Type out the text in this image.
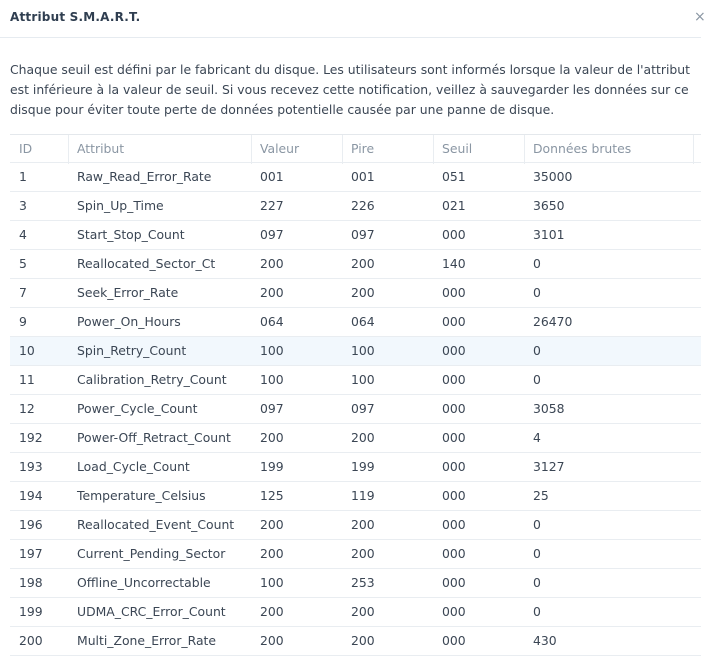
Attribut S.M.A.R.T.	×

Chaque seuil est défini par le fabricant du disque. Les utilisateurs sont informés lorsque la valeur de l'attribut est inférieure à la valeur de seuil. Si vous recevez cette notification, veillez à sauvegarder les données sur ce disque pour éviter toute perte de données potentielle causée par une panne de disque.

ID	Attribut	Valeur	Pire	Seuil	Données brutes
1	Raw_Read_Error_Rate	001	001	051	35000
3	Spin_Up_Time	227	226	021	3650
4	Start_Stop_Count	097	097	000	3101
5	Reallocated_Sector_Ct	200	200	140	0
7	Seek_Error_Rate	200	200	000	0
9	Power_On_Hours	064	064	000	26470
10	Spin_Retry_Count	100	100	000	0
11	Calibration_Retry_Count	100	100	000	0
12	Power_Cycle_Count	097	097	000	3058
192	Power-Off_Retract_Count	200	200	000	4
193	Load_Cycle_Count	199	199	000	3127
194	Temperature_Celsius	125	119	000	25
196	Reallocated_Event_Count	200	200	000	0
197	Current_Pending_Sector	200	200	000	0
198	Offline_Uncorrectable	100	253	000	0
199	UDMA_CRC_Error_Count	200	200	000	0
200	Multi_Zone_Error_Rate	200	200	000	430
